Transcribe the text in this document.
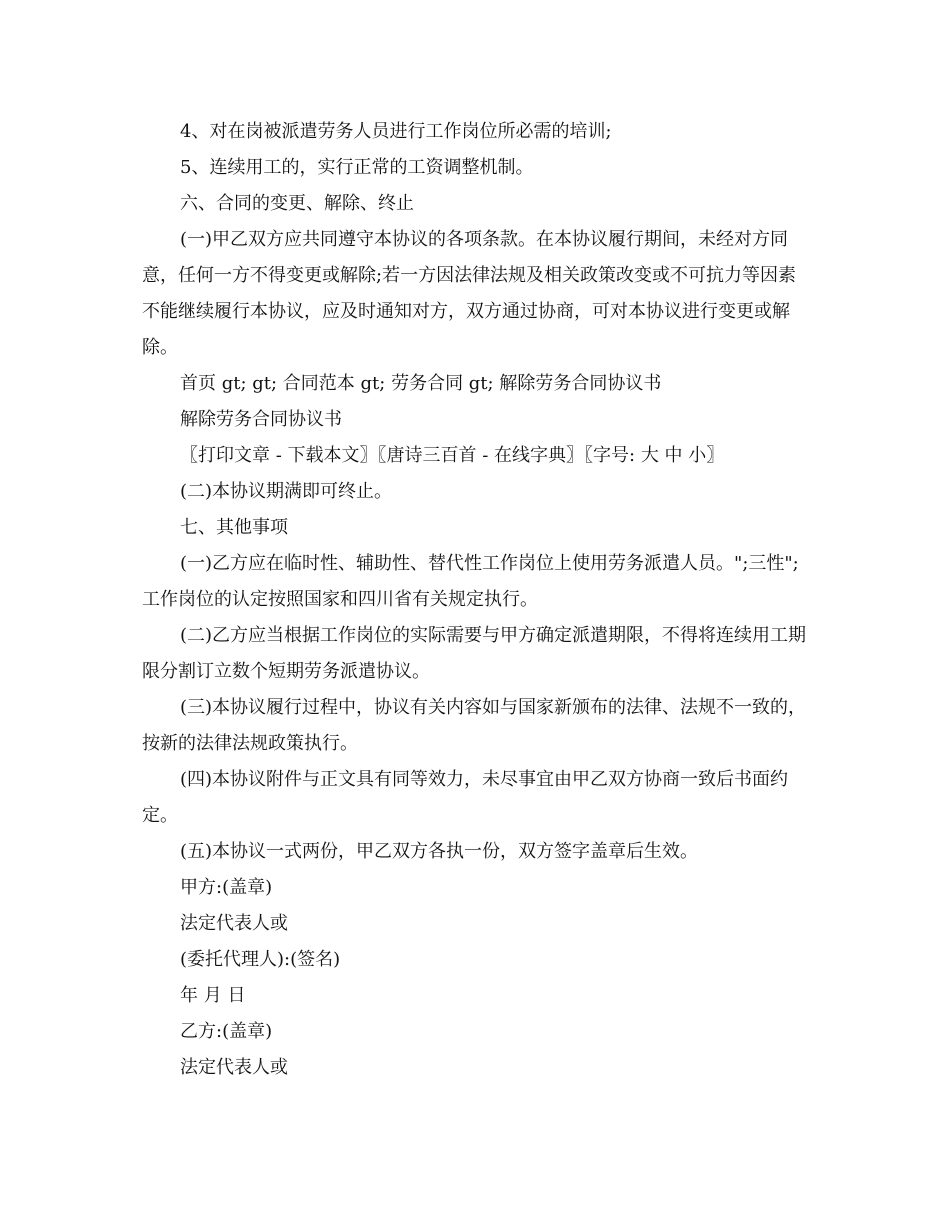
4、对在岗被派遣劳务人员进行工作岗位所必需的培训;

5、连续用工的，实行正常的工资调整机制。

六、合同的变更、解除、终止

(一)甲乙双方应共同遵守本协议的各项条款。在本协议履行期间，未经对方同意，任何一方不得变更或解除;若一方因法律法规及相关政策改变或不可抗力等因素不能继续履行本协议，应及时通知对方，双方通过协商，可对本协议进行变更或解除。

首页 gt; gt; 合同范本 gt; 劳务合同 gt; 解除劳务合同协议书

解除劳务合同协议书

〖打印文章 - 下载本文〗〖唐诗三百首 - 在线字典〗〖字号: 大 中 小〗

(二)本协议期满即可终止。

七、其他事项

(一)乙方应在临时性、辅助性、替代性工作岗位上使用劳务派遣人员。";三性";工作岗位的认定按照国家和四川省有关规定执行。

(二)乙方应当根据工作岗位的实际需要与甲方确定派遣期限，不得将连续用工期限分割订立数个短期劳务派遣协议。

(三)本协议履行过程中，协议有关内容如与国家新颁布的法律、法规不一致的，按新的法律法规政策执行。

(四)本协议附件与正文具有同等效力，未尽事宜由甲乙双方协商一致后书面约定。

(五)本协议一式两份，甲乙双方各执一份，双方签字盖章后生效。

甲方:(盖章)

法定代表人或

(委托代理人):(签名)

年 月 日

乙方:(盖章)

法定代表人或
